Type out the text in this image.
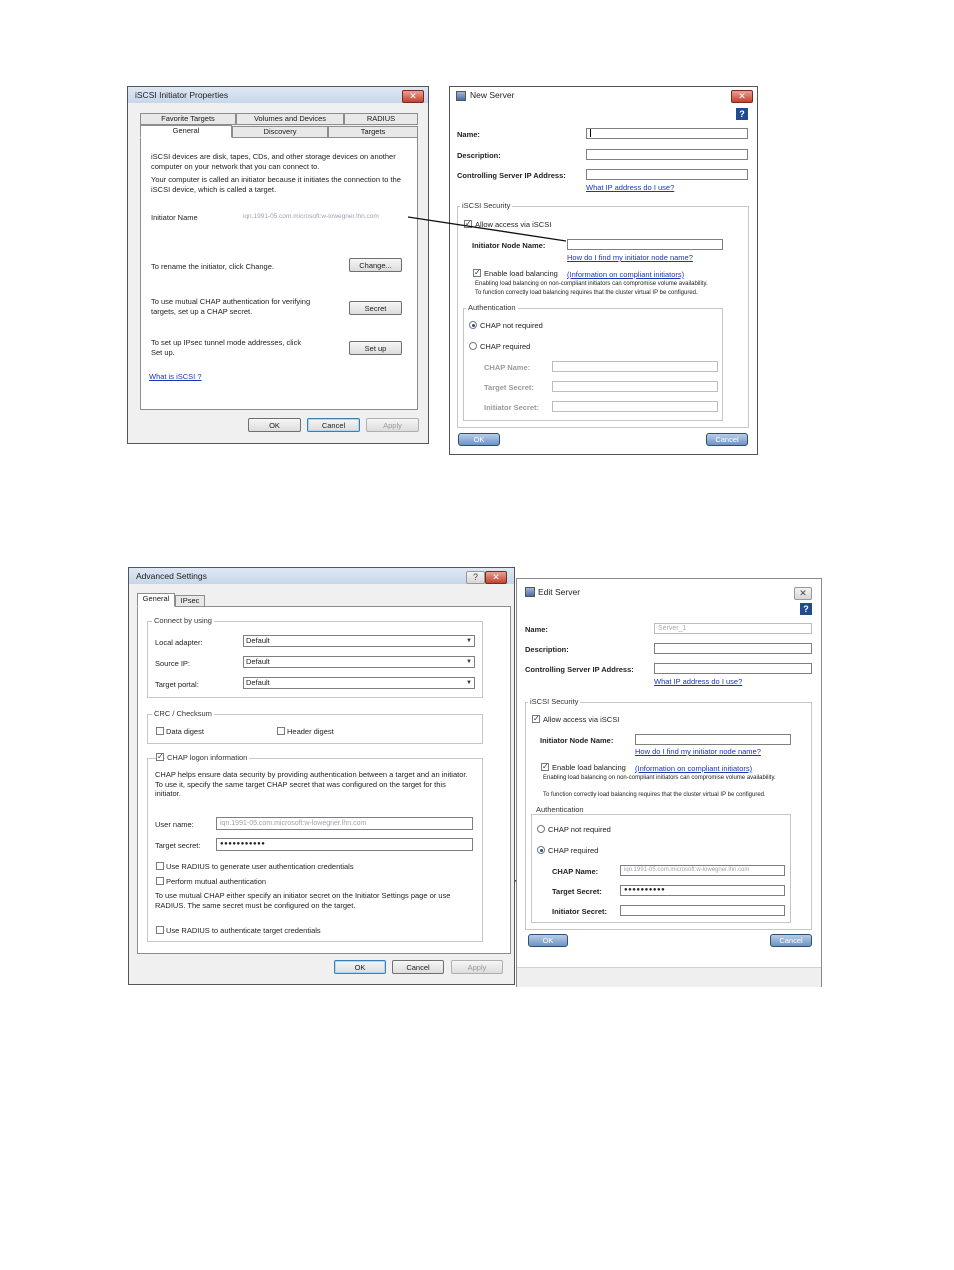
iSCSI Initiator Properties	✕
Favorite Targets	Volumes and Devices	RADIUS
General	Discovery	Targets
iSCSI devices are disk, tapes, CDs, and other storage devices on another computer on your network that you can connect to.
Your computer is called an initiator because it initiates the connection to the iSCSI device, which is called a target.
Initiator Name	iqn.1991-05.com.microsoft:w-lowegner.lhn.com
To rename the initiator, click Change.	Change...
To use mutual CHAP authentication for verifying targets, set up a CHAP secret.	Secret
To set up IPsec tunnel mode addresses, click Set up.	Set up
What is iSCSI ?
OK	Cancel	Apply
New Server	✕
?
Name:
Description:
Controlling Server IP Address:
What IP address do I use?
iSCSI Security
✓ Allow access via iSCSI
Initiator Node Name:
How do I find my initiator node name?
✓ Enable load balancing (Information on compliant initiators)
Enabling load balancing on non-compliant initiators can compromise volume availability.
To function correctly load balancing requires that the cluster virtual IP be configured.
Authentication
CHAP not required
CHAP required
CHAP Name:
Target Secret:
Initiator Secret:
OK	Cancel
Advanced Settings	?	✕
General	IPsec
Connect by using
Local adapter:	Default	▼
Source IP:	Default	▼
Target portal:	Default	▼
CRC / Checksum
Data digest	Header digest
✓ CHAP logon information
CHAP helps ensure data security by providing authentication between a target and an initiator. To use it, specify the same target CHAP secret that was configured on the target for this initiator.
User name:	iqn.1991-05.com.microsoft:w-lowegner.lhn.com
Target secret:	●●●●●●●●●●●
Use RADIUS to generate user authentication credentials
Perform mutual authentication
To use mutual CHAP either specify an initiator secret on the Initiator Settings page or use RADIUS. The same secret must be configured on the target.
Use RADIUS to authenticate target credentials
OK	Cancel	Apply
Edit Server	✕
?
Name:	Server_1
Description:
Controlling Server IP Address:
What IP address do I use?
iSCSI Security
✓ Allow access via iSCSI
Initiator Node Name:
How do I find my initiator node name?
✓ Enable load balancing (Information on compliant initiators)
Enabling load balancing on non-compliant initiators can compromise volume availability.
To function correctly load balancing requires that the cluster virtual IP be configured.
Authentication
CHAP not required
CHAP required
CHAP Name:	iqn.1991-05.com.microsoft:w-lowegner.lhn.com
Target Secret:	●●●●●●●●●●
Initiator Secret:
OK	Cancel
